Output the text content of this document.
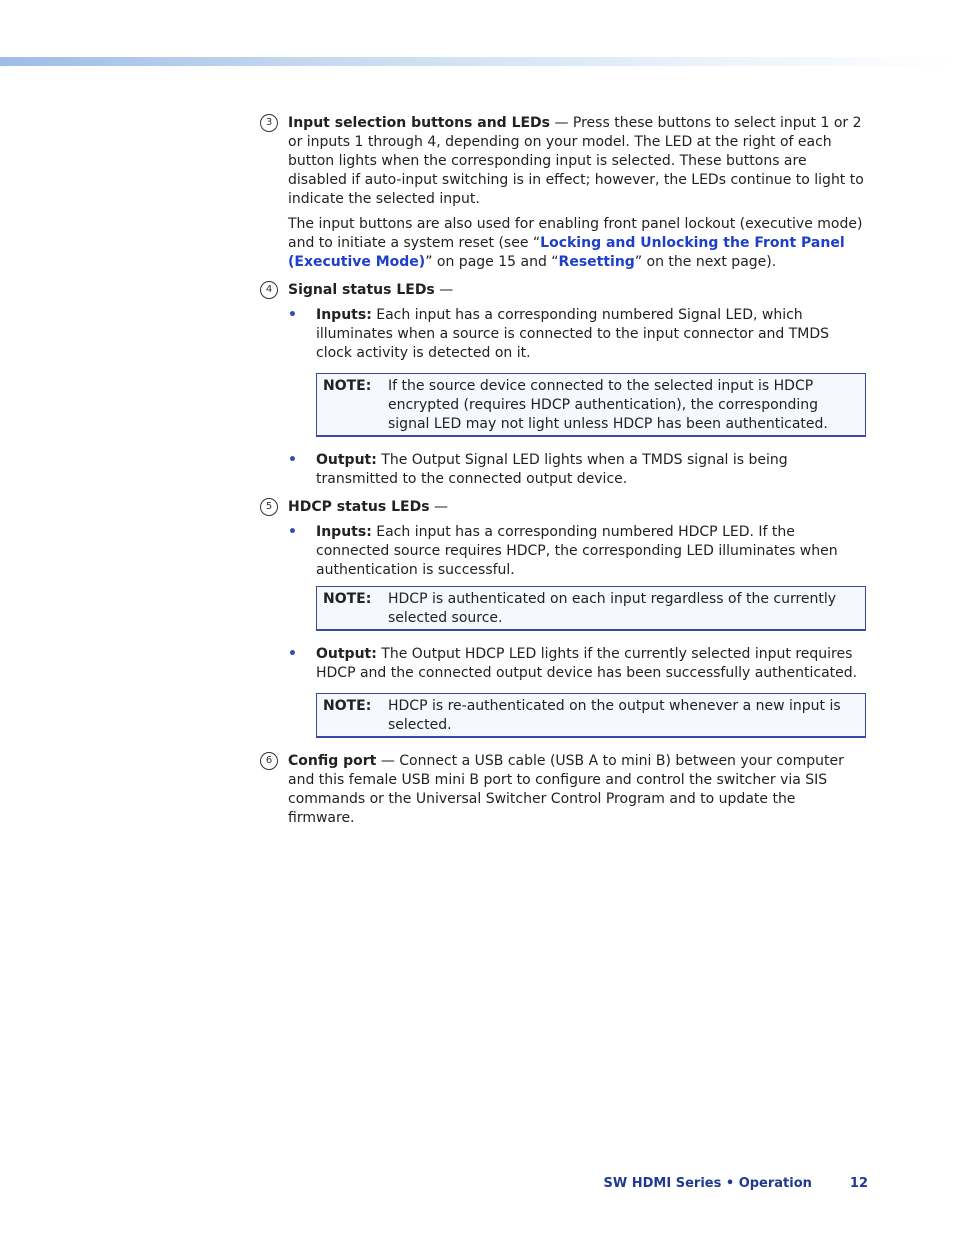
3	Input selection buttons and LEDs — Press these buttons to select input 1 or 2 or inputs 1 through 4, depending on your model. The LED at the right of each button lights when the corresponding input is selected. These buttons are disabled if auto-input switching is in effect; however, the LEDs continue to light to indicate the selected input.

The input buttons are also used for enabling front panel lockout (executive mode) and to initiate a system reset (see “Locking and Unlocking the Front Panel (Executive Mode)” on page 15 and “Resetting” on the next page).

4	Signal status LEDs —

• Inputs: Each input has a corresponding numbered Signal LED, which illuminates when a source is connected to the input connector and TMDS clock activity is detected on it.
NOTE:	If the source device connected to the selected input is HDCP encrypted (requires HDCP authentication), the corresponding signal LED may not light unless HDCP has been authenticated.
• Output: The Output Signal LED lights when a TMDS signal is being transmitted to the connected output device.
5	HDCP status LEDs —

• Inputs: Each input has a corresponding numbered HDCP LED. If the connected source requires HDCP, the corresponding LED illuminates when authentication is successful.
NOTE:	HDCP is authenticated on each input regardless of the currently selected source.
• Output: The Output HDCP LED lights if the currently selected input requires HDCP and the connected output device has been successfully authenticated.
NOTE:	HDCP is re-authenticated on the output whenever a new input is selected.
6	Config port — Connect a USB cable (USB A to mini B) between your computer and this female USB mini B port to configure and control the switcher via SIS commands or the Universal Switcher Control Program and to update the firmware.

SW HDMI Series • Operation	12
